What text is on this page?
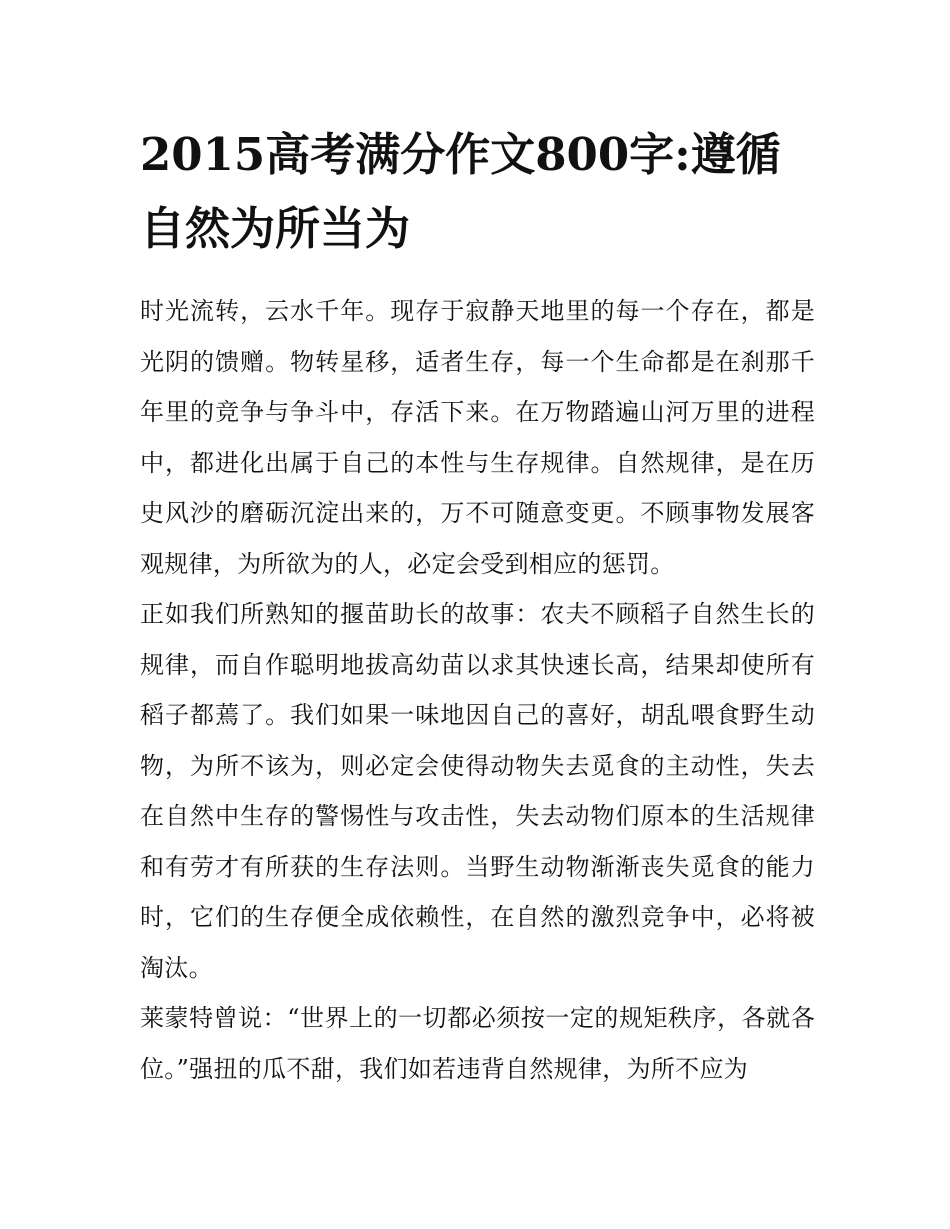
2015高考满分作文800字:遵循自然为所当为

时光流转，云水千年。现存于寂静天地里的每一个存在，都是光阴的馈赠。物转星移，适者生存，每一个生命都是在刹那千年里的竞争与争斗中，存活下来。在万物踏遍山河万里的进程中，都进化出属于自己的本性与生存规律。自然规律，是在历史风沙的磨砺沉淀出来的，万不可随意变更。不顾事物发展客观规律，为所欲为的人，必定会受到相应的惩罚。

正如我们所熟知的揠苗助长的故事：农夫不顾稻子自然生长的规律，而自作聪明地拔高幼苗以求其快速长高，结果却使所有稻子都蔫了。我们如果一味地因自己的喜好，胡乱喂食野生动物，为所不该为，则必定会使得动物失去觅食的主动性，失去在自然中生存的警惕性与攻击性，失去动物们原本的生活规律和有劳才有所获的生存法则。当野生动物渐渐丧失觅食的能力时，它们的生存便全成依赖性，在自然的激烈竞争中，必将被淘汰。

莱蒙特曾说：“世界上的一切都必须按一定的规矩秩序，各就各位。”强扭的瓜不甜，我们如若违背自然规律，为所不应为
